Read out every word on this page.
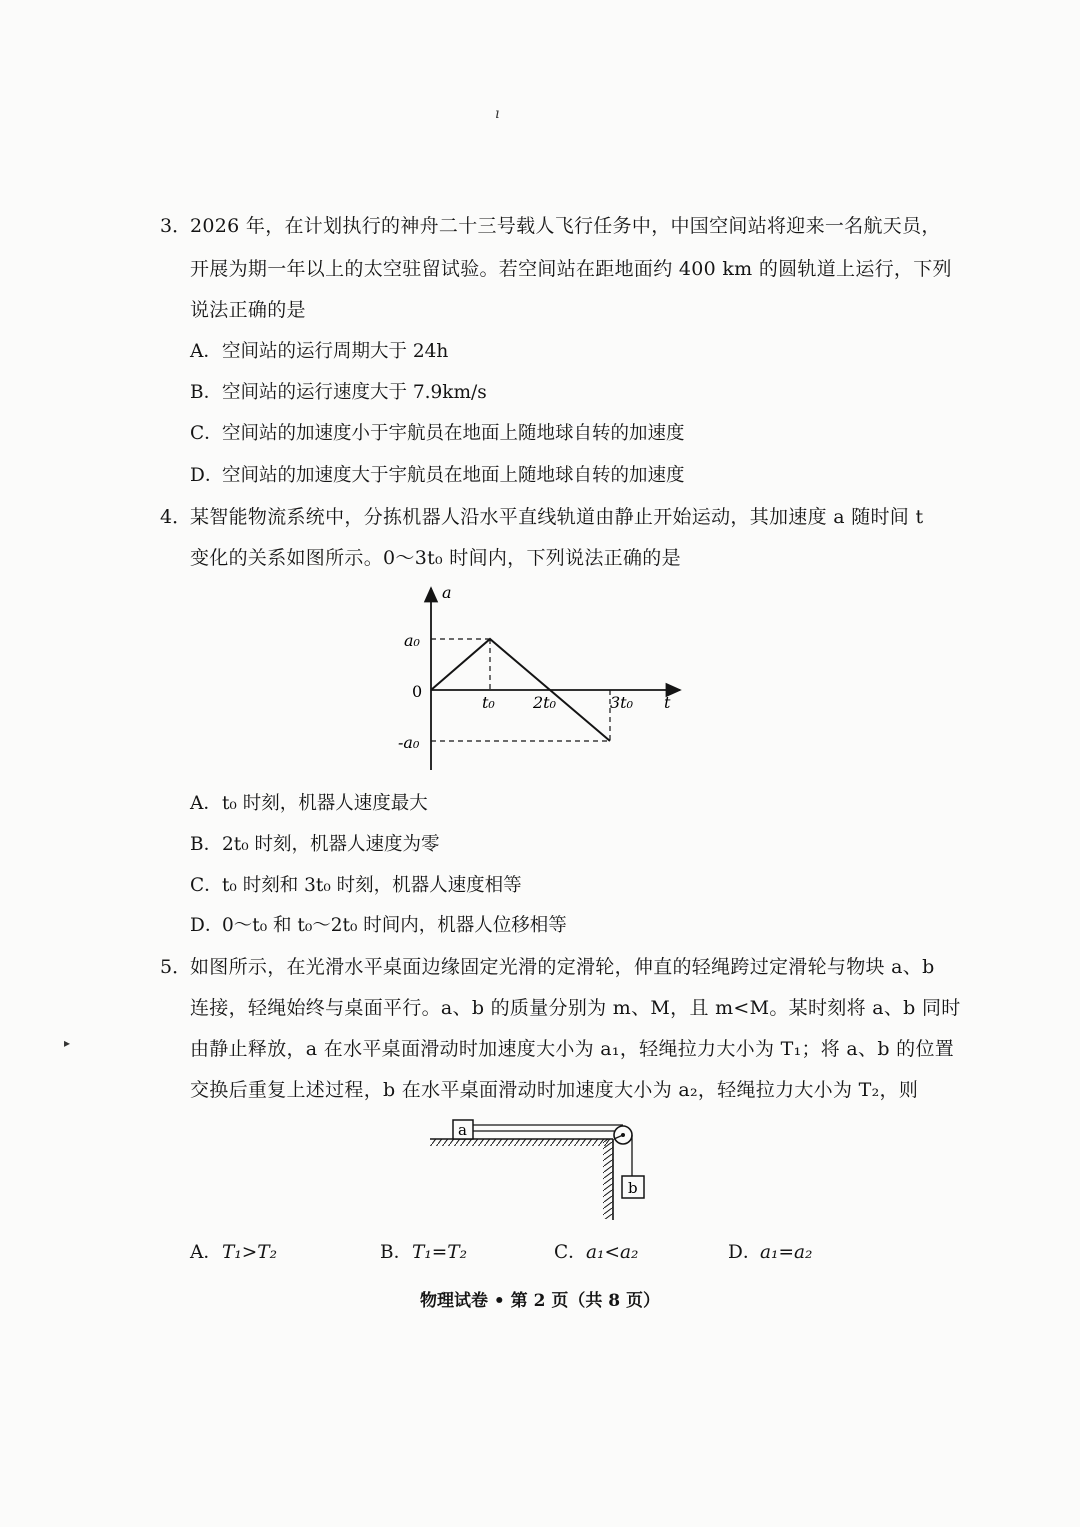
ı
▸
3．
2026 年，在计划执行的神舟二十三号载人飞行任务中，中国空间站将迎来一名航天员，
开展为期一年以上的太空驻留试验。若空间站在距地面约 400 km 的圆轨道上运行，下列
说法正确的是
A．空间站的运行周期大于 24h
B．空间站的运行速度大于 7.9km/s
C．空间站的加速度小于宇航员在地面上随地球自转的加速度
D．空间站的加速度大于宇航员在地面上随地球自转的加速度
4．
某智能物流系统中，分拣机器人沿水平直线轨道由静止开始运动，其加速度 a 随时间 t
变化的关系如图所示。0～3t₀ 时间内，下列说法正确的是
a
t
0
a₀
-a₀
t₀ 2t₀	3t₀
A．t₀ 时刻，机器人速度最大
B．2t₀ 时刻，机器人速度为零
C．t₀ 时刻和 3t₀ 时刻，机器人速度相等
D．0～t₀ 和 t₀～2t₀ 时间内，机器人位移相等
5．
如图所示，在光滑水平桌面边缘固定光滑的定滑轮，伸直的轻绳跨过定滑轮与物块 a、b
连接，轻绳始终与桌面平行。a、b 的质量分别为 m、M，且 m<M。某时刻将 a、b 同时
由静止释放，a 在水平桌面滑动时加速度大小为 a₁，轻绳拉力大小为 T₁；将 a、b 的位置
交换后重复上述过程，b 在水平桌面滑动时加速度大小为 a₂，轻绳拉力大小为 T₂，则
a
b
A．T₁>T₂	B．T₁=T₂	C．a₁<a₂	D．a₁=a₂
物理试卷 • 第 2 页（共 8 页）
